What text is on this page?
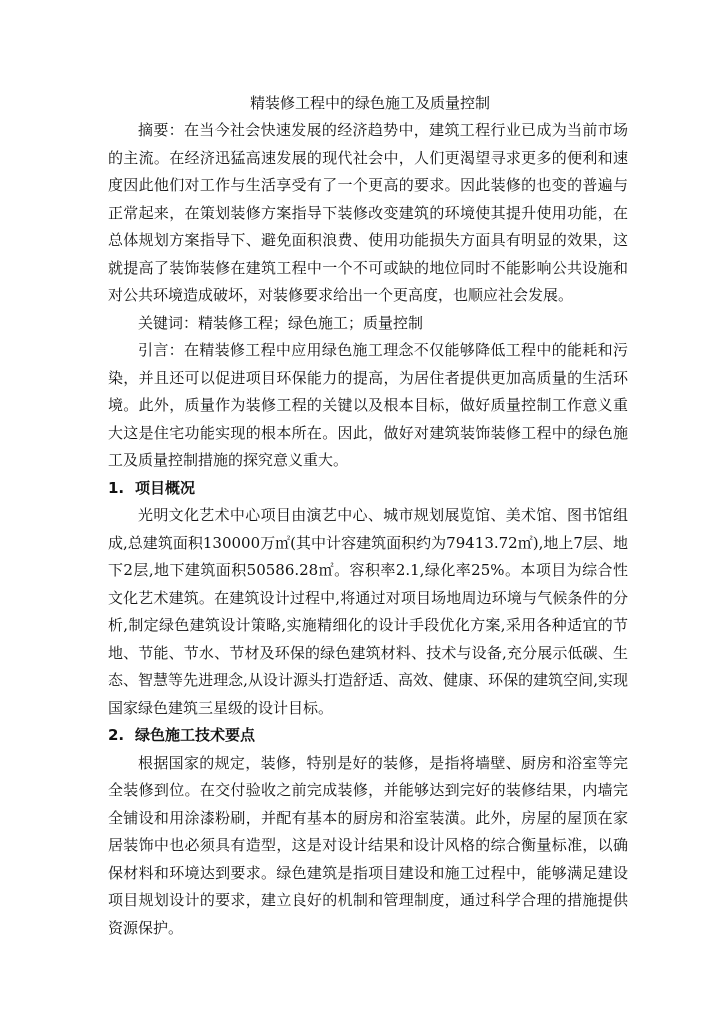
精装修工程中的绿色施工及质量控制

摘要：在当今社会快速发展的经济趋势中，建筑工程行业已成为当前市场的主流。在经济迅猛高速发展的现代社会中，人们更渴望寻求更多的便利和速度因此他们对工作与生活享受有了一个更高的要求。因此装修的也变的普遍与正常起来，在策划装修方案指导下装修改变建筑的环境使其提升使用功能，在总体规划方案指导下、避免面积浪费、使用功能损失方面具有明显的效果，这就提高了装饰装修在建筑工程中一个不可或缺的地位同时不能影响公共设施和对公共环境造成破坏，对装修要求给出一个更高度，也顺应社会发展。

关键词：精装修工程；绿色施工；质量控制

引言：在精装修工程中应用绿色施工理念不仅能够降低工程中的能耗和污染，并且还可以促进项目环保能力的提高，为居住者提供更加高质量的生活环境。此外，质量作为装修工程的关键以及根本目标，做好质量控制工作意义重大这是住宅功能实现的根本所在。因此，做好对建筑装饰装修工程中的绿色施工及质量控制措施的探究意义重大。

1. 项目概况

光明文化艺术中心项目由演艺中心、城市规划展览馆、美术馆、图书馆组成,总建筑面积130000万㎡(其中计容建筑面积约为79413.72㎡),地上7层、地下2层,地下建筑面积50586.28㎡。容积率2.1,绿化率25%。本项目为综合性文化艺术建筑。在建筑设计过程中,将通过对项目场地周边环境与气候条件的分析,制定绿色建筑设计策略,实施精细化的设计手段优化方案,采用各种适宜的节地、节能、节水、节材及环保的绿色建筑材料、技术与设备,充分展示低碳、生态、智慧等先进理念,从设计源头打造舒适、高效、健康、环保的建筑空间,实现国家绿色建筑三星级的设计目标。

2. 绿色施工技术要点

根据国家的规定，装修，特别是好的装修，是指将墙壁、厨房和浴室等完全装修到位。在交付验收之前完成装修，并能够达到完好的装修结果，内墙完全铺设和用涂漆粉刷，并配有基本的厨房和浴室装潢。此外，房屋的屋顶在家居装饰中也必须具有造型，这是对设计结果和设计风格的综合衡量标准，以确保材料和环境达到要求。绿色建筑是指项目建设和施工过程中，能够满足建设项目规划设计的要求，建立良好的机制和管理制度，通过科学合理的措施提供资源保护。
